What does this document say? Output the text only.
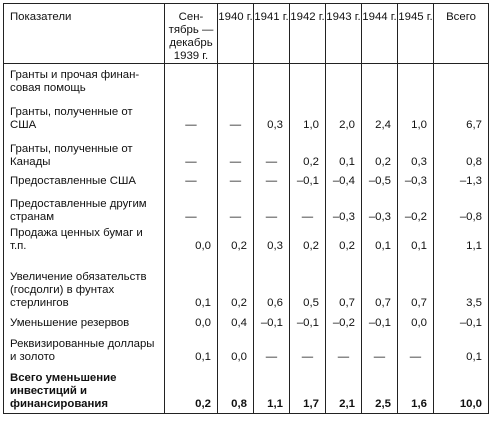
Показатели	Сен-тябрь — декабрь 1939 г.	1940 г.	1941 г.	1942 г.	1943 г.	1944 г.	1945 г.	Всего
Гранты и прочая финан-совая помощь								
Гранты, полученные от США	—	—	0,3	1,0	2,0	2,4	1,0	6,7
Гранты, полученные от Канады	—	—	—	0,2	0,1	0,2	0,3	0,8
Предоставленные США	—	—	—	–0,1	–0,4	–0,5	–0,3	–1,3
Предоставленные другим странам	—	—	—	—	–0,3	–0,3	–0,2	–0,8
Продажа ценных бумаг и т.п.	0,0	0,2	0,3	0,2	0,2	0,1	0,1	1,1
Увеличение обязательств (госдолги) в фунтах стерлингов	0,1	0,2	0,6	0,5	0,7	0,7	0,7	3,5
Уменьшение резервов	0,0	0,4	–0,1	–0,1	–0,2	–0,1	0,0	–0,1
Реквизированные доллары и золото	0,1	0,0	—	—	—	—	—	0,1
Всего уменьшение инвестиций и финансирования	0,2	0,8	1,1	1,7	2,1	2,5	1,6	10,0
